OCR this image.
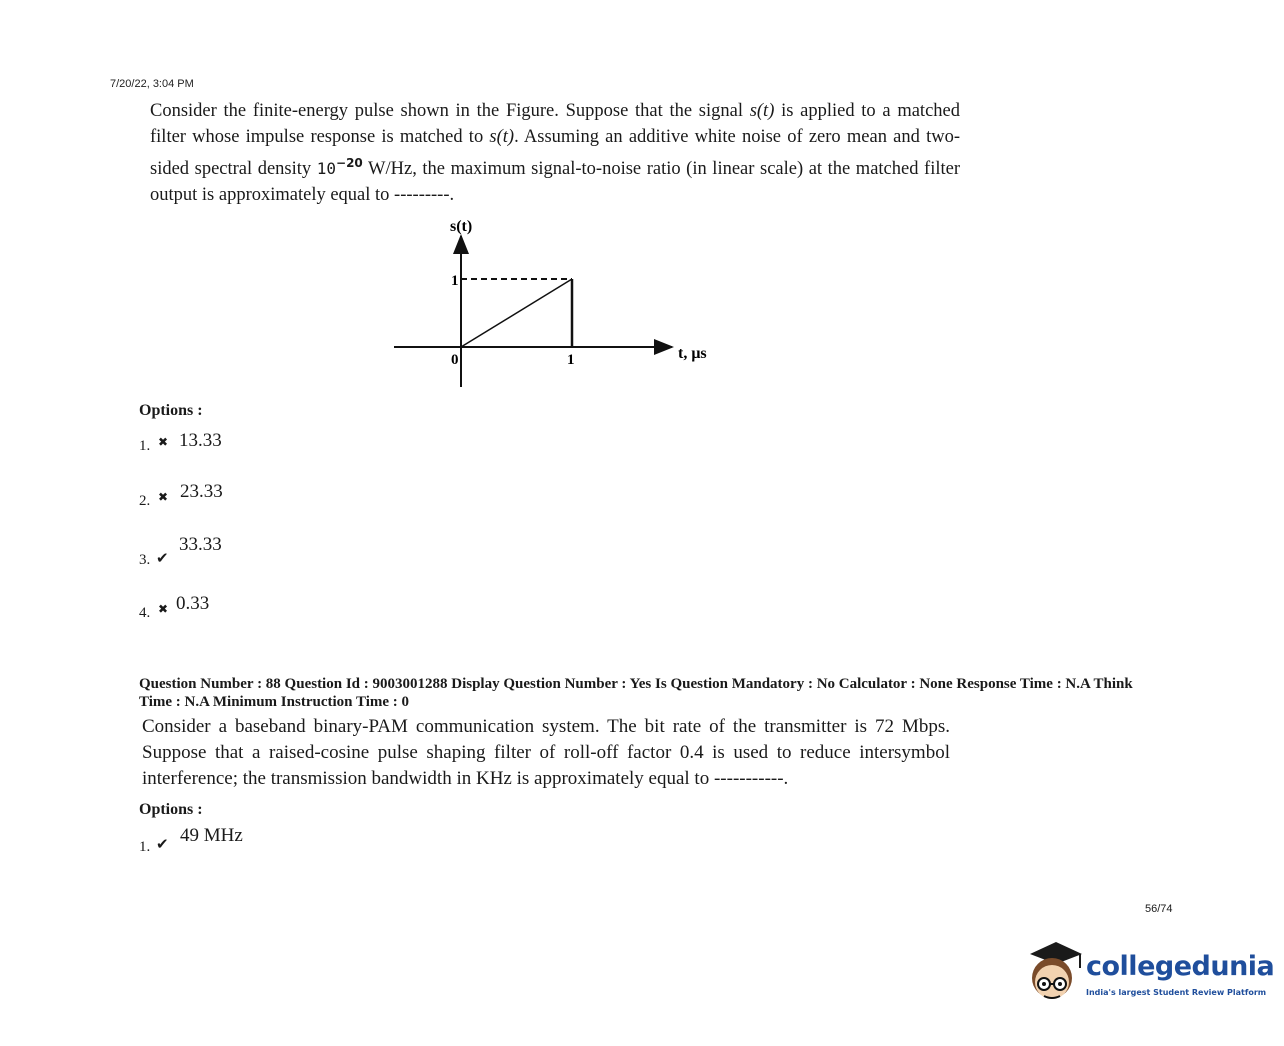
7/20/22, 3:04 PM

Consider the finite-energy pulse shown in the Figure. Suppose that the signal s(t) is applied to a matched filter whose impulse response is matched to s(t). Assuming an additive white noise of zero mean and two-sided spectral density $10^{-20}$ W/Hz, the maximum signal-to-noise ratio (in linear scale) at the matched filter output is approximately equal to ---------.

s(t)
1
0	1	t, μs
Options :
1. ✖ 13.33
2. ✖ 23.33
3. ✔
33.33
4. ✖ 0.33
Question Number : 88 Question Id : 9003001288 Display Question Number : Yes Is Question Mandatory : No Calculator : None Response Time : N.A Think Time : N.A Minimum Instruction Time : 0
Consider a baseband binary-PAM communication system. The bit rate of the transmitter is 72 Mbps. Suppose that a raised-cosine pulse shaping filter of roll-off factor 0.4 is used to reduce intersymbol interference; the transmission bandwidth in KHz is approximately equal to -----------.
Options :
1. ✔ 49 MHz
56/74
collegedunia
India's largest Student Review Platform
